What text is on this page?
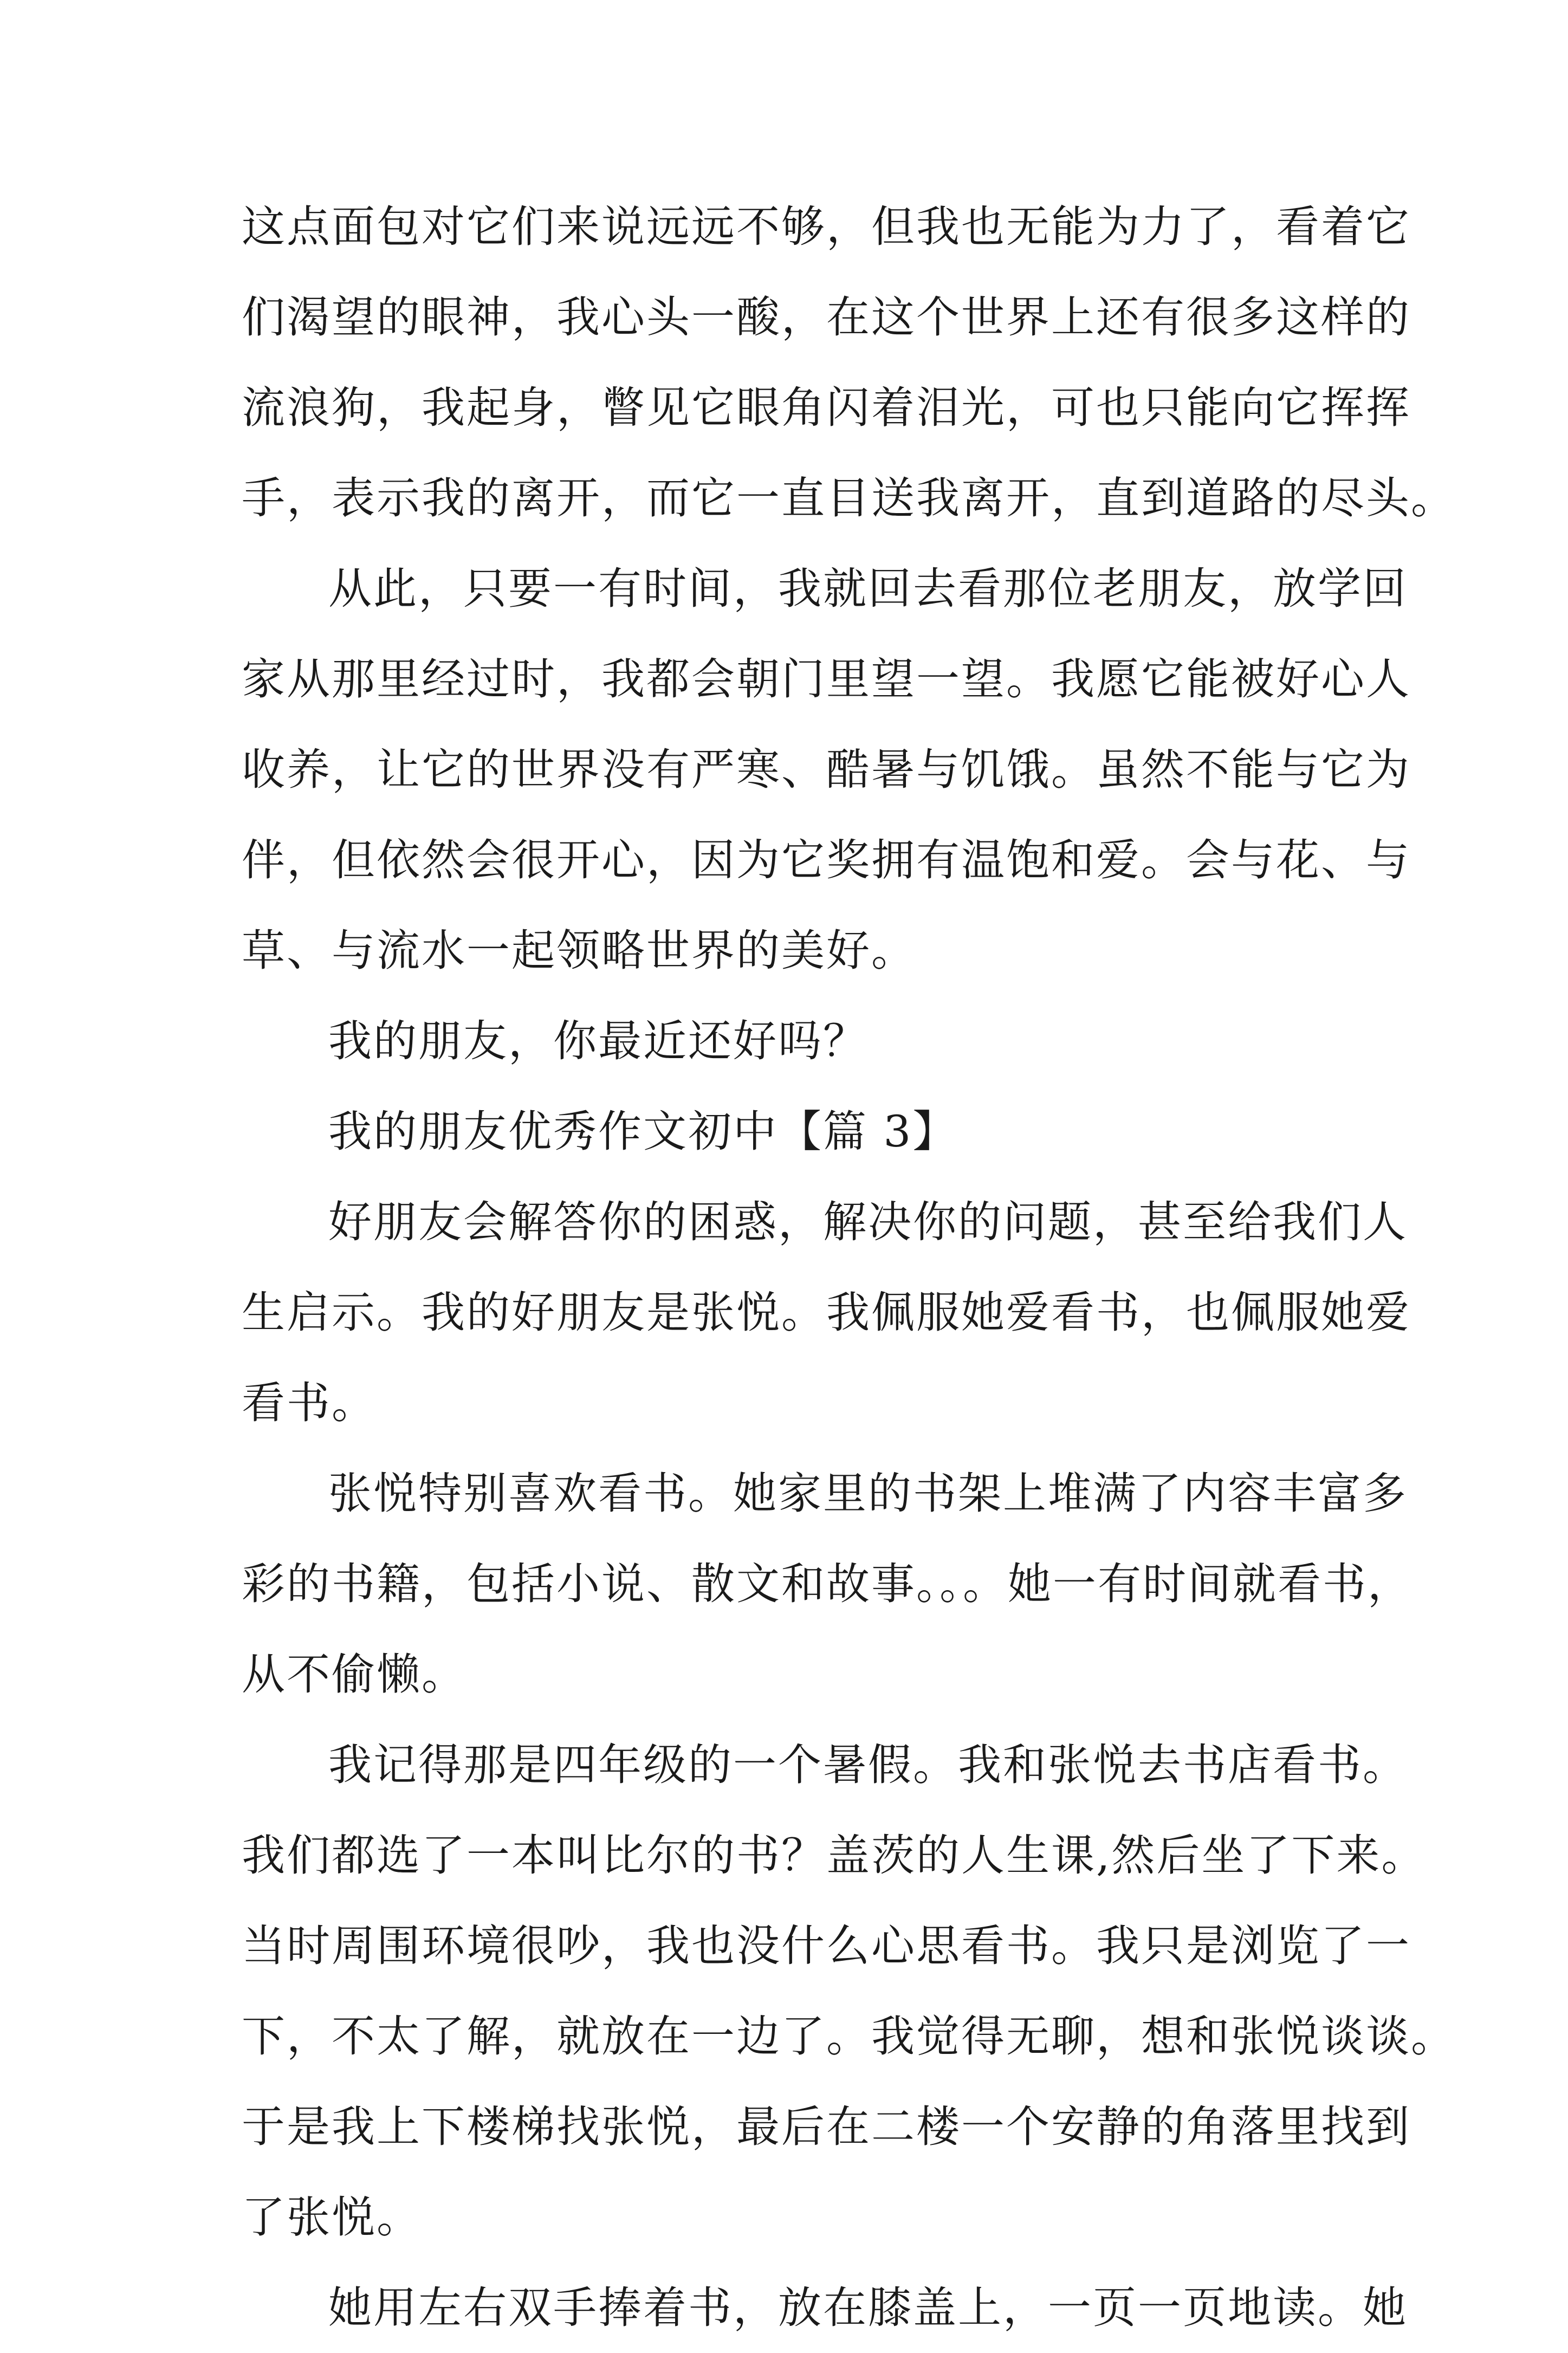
这点面包对它们来说远远不够，但我也无能为力了，看着它
们渴望的眼神，我心头一酸，在这个世界上还有很多这样的
流浪狗，我起身，瞥见它眼角闪着泪光，可也只能向它挥挥
手，表示我的离开，而它一直目送我离开，直到道路的尽头。
从此，只要一有时间，我就回去看那位老朋友，放学回
家从那里经过时，我都会朝门里望一望。我愿它能被好心人
收养，让它的世界没有严寒、酷暑与饥饿。虽然不能与它为
伴，但依然会很开心，因为它奖拥有温饱和爱。会与花、与
草、与流水一起领略世界的美好。
我的朋友，你最近还好吗？
我的朋友优秀作文初中【篇 3】
好朋友会解答你的困惑，解决你的问题，甚至给我们人
生启示。我的好朋友是张悦。我佩服她爱看书，也佩服她爱
看书。
张悦特别喜欢看书。她家里的书架上堆满了内容丰富多
彩的书籍，包括小说、散文和故事。。。她一有时间就看书，
从不偷懒。
我记得那是四年级的一个暑假。我和张悦去书店看书。
我们都选了一本叫比尔的书？盖茨的人生课,然后坐了下来。
当时周围环境很吵，我也没什么心思看书。我只是浏览了一
下，不太了解，就放在一边了。我觉得无聊，想和张悦谈谈。
于是我上下楼梯找张悦，最后在二楼一个安静的角落里找到
了张悦。
她用左右双手捧着书，放在膝盖上，一页一页地读。她
